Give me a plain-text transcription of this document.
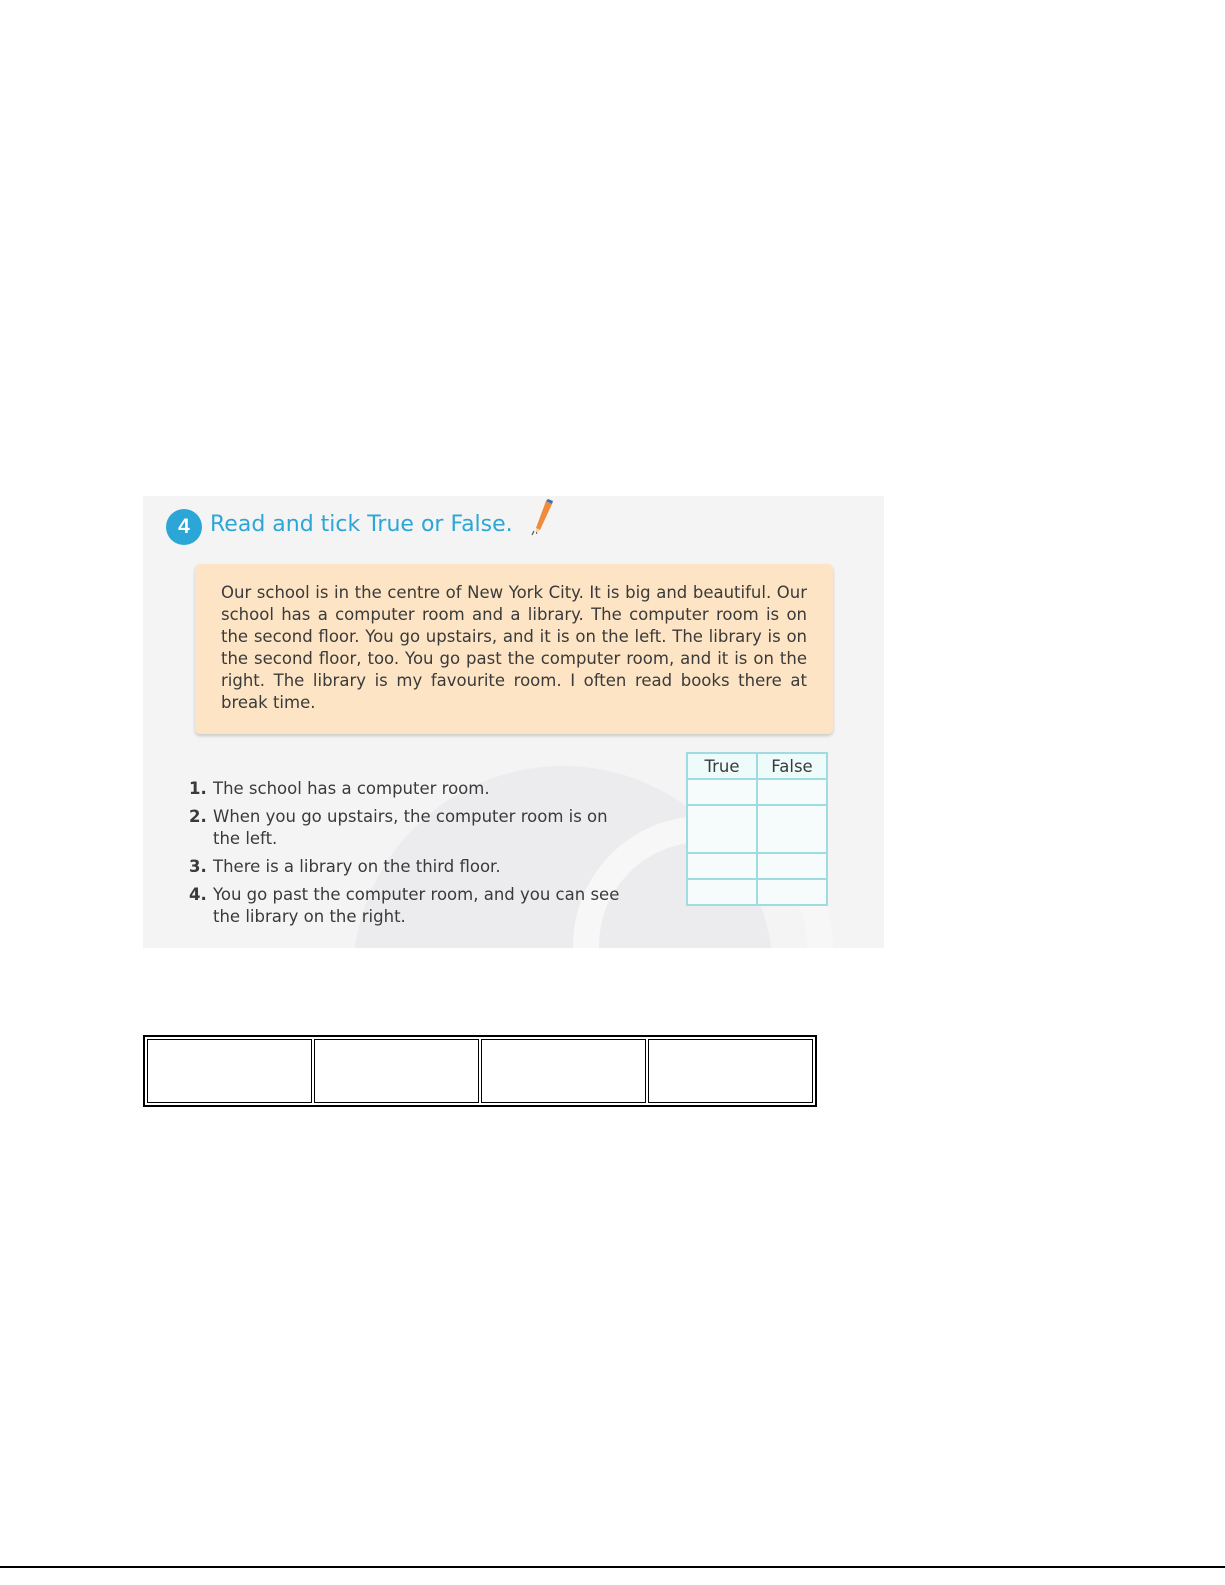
4 Read and tick True or False.

Our school is in the centre of New York City. It is big and beautiful. Our school has a computer room and a library. The computer room is on the second floor. You go upstairs, and it is on the left. The library is on the second floor, too. You go past the computer room, and it is on the right. The library is my favourite room. I often read books there at break time.

1. The school has a computer room.
2. When you go upstairs, the computer room is on the left.
3. There is a library on the third floor.
4. You go past the computer room, and you can see the library on the right.
True	False
